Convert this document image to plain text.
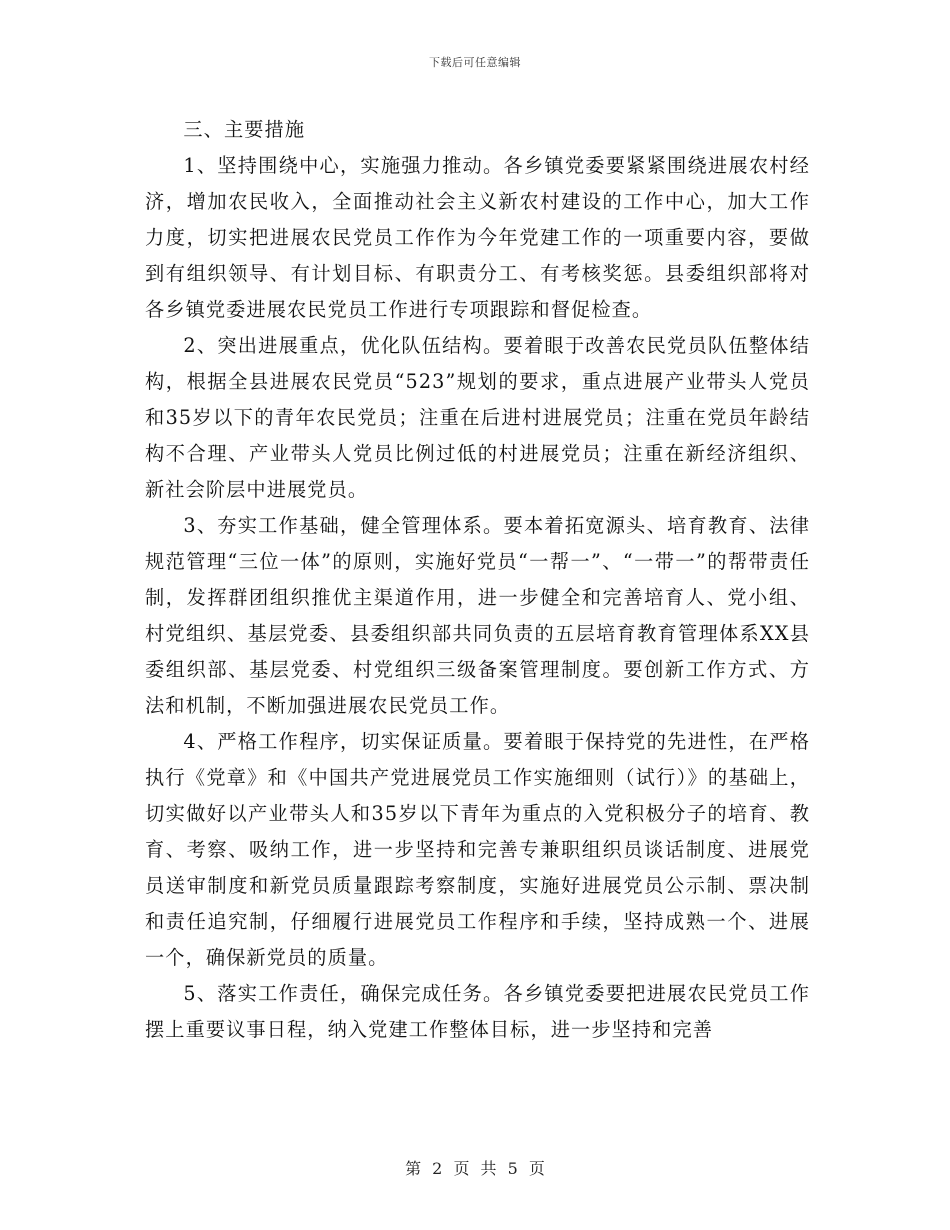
下载后可任意编辑
三、主要措施

1、坚持围绕中心，实施强力推动。各乡镇党委要紧紧围绕进展农村经济，增加农民收入，全面推动社会主义新农村建设的工作中心，加大工作力度，切实把进展农民党员工作作为今年党建工作的一项重要内容，要做到有组织领导、有计划目标、有职责分工、有考核奖惩。县委组织部将对各乡镇党委进展农民党员工作进行专项跟踪和督促检查。

2、突出进展重点，优化队伍结构。要着眼于改善农民党员队伍整体结构，根据全县进展农民党员“523”规划的要求，重点进展产业带头人党员和35岁以下的青年农民党员；注重在后进村进展党员；注重在党员年龄结构不合理、产业带头人党员比例过低的村进展党员；注重在新经济组织、新社会阶层中进展党员。

3、夯实工作基础，健全管理体系。要本着拓宽源头、培育教育、法律规范管理“三位一体”的原则，实施好党员“一帮一”、“一带一”的帮带责任制，发挥群团组织推优主渠道作用，进一步健全和完善培育人、党小组、村党组织、基层党委、县委组织部共同负责的五层培育教育管理体系XX县委组织部、基层党委、村党组织三级备案管理制度。要创新工作方式、方法和机制，不断加强进展农民党员工作。

4、严格工作程序，切实保证质量。要着眼于保持党的先进性，在严格执行《党章》和《中国共产党进展党员工作实施细则（试行）》的基础上，切实做好以产业带头人和35岁以下青年为重点的入党积极分子的培育、教育、考察、吸纳工作，进一步坚持和完善专兼职组织员谈话制度、进展党员送审制度和新党员质量跟踪考察制度，实施好进展党员公示制、票决制和责任追究制，仔细履行进展党员工作程序和手续，坚持成熟一个、进展一个，确保新党员的质量。

5、落实工作责任，确保完成任务。各乡镇党委要把进展农民党员工作摆上重要议事日程，纳入党建工作整体目标，进一步坚持和完善

第 2 页 共 5 页
